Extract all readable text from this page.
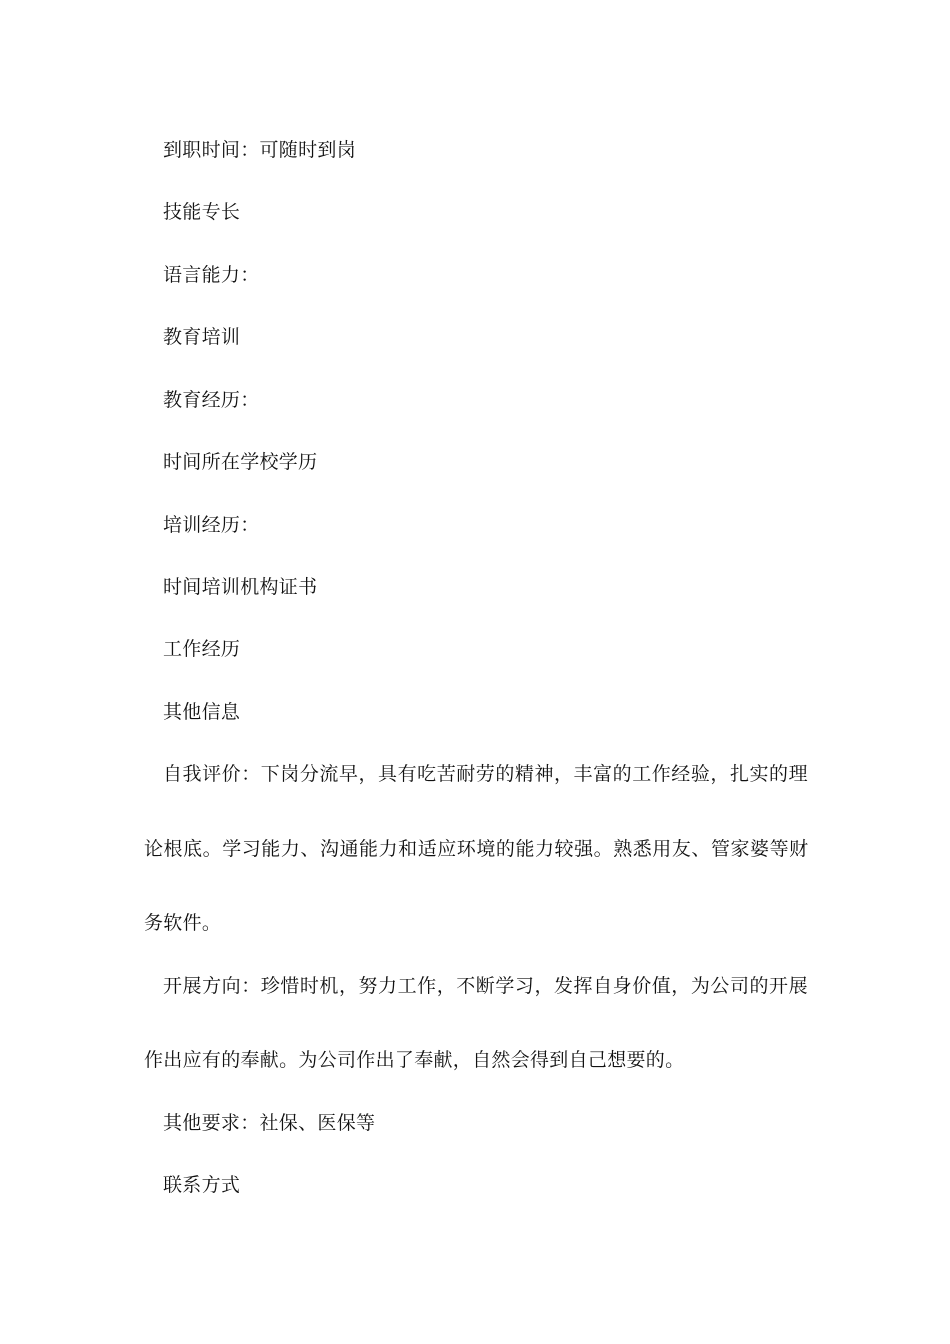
到职时间：可随时到岗
技能专长
语言能力：
教育培训
教育经历：
时间所在学校学历
培训经历：
时间培训机构证书
工作经历
其他信息
自我评价：下岗分流早，具有吃苦耐劳的精神，丰富的工作经验，扎实的理
论根底。学习能力、沟通能力和适应环境的能力较强。熟悉用友、管家婆等财
务软件。
开展方向：珍惜时机，努力工作，不断学习，发挥自身价值，为公司的开展
作出应有的奉献。为公司作出了奉献，自然会得到自己想要的。
其他要求：社保、医保等
联系方式
